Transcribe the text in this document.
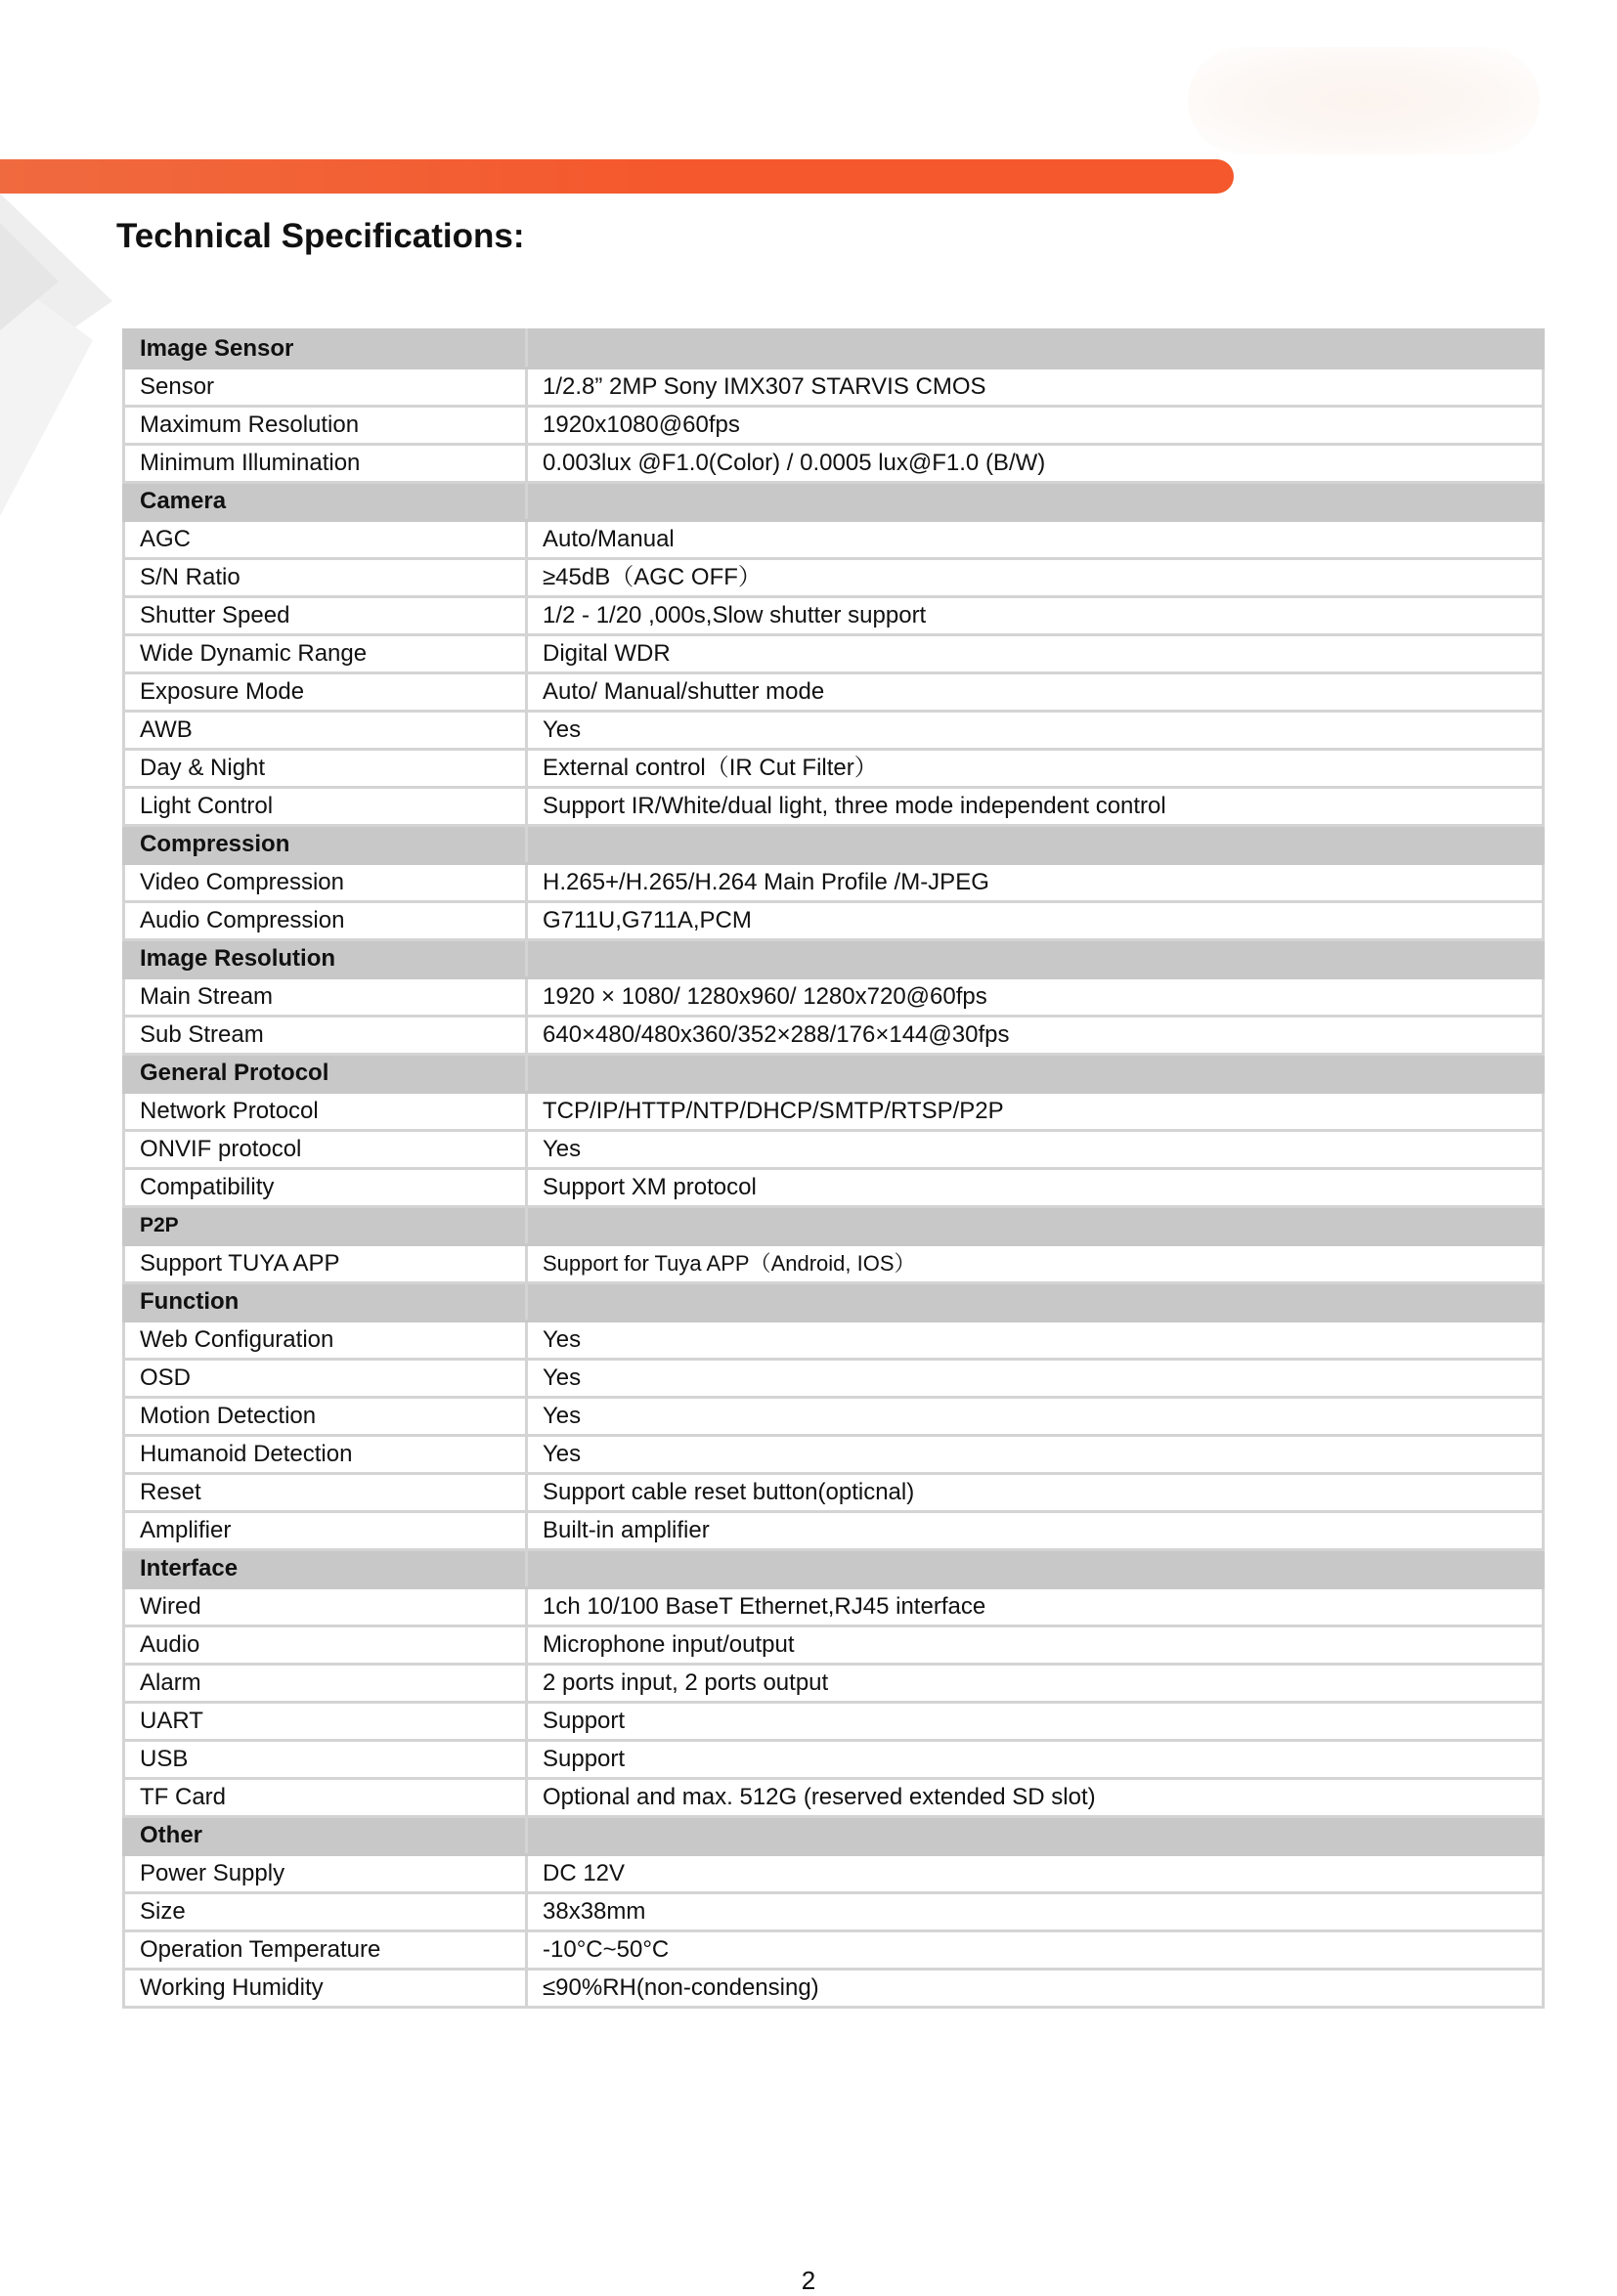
Technical Specifications:
Image Sensor	
Sensor	1/2.8” 2MP Sony IMX307 STARVIS CMOS
Maximum Resolution	1920x1080@60fps
Minimum Illumination	0.003lux @F1.0(Color) / 0.0005 lux@F1.0 (B/W)
Camera	
AGC	Auto/Manual
S/N Ratio	≥45dB（AGC OFF）
Shutter Speed	1/2 - 1/20 ,000s,Slow shutter support
Wide Dynamic Range	Digital WDR
Exposure Mode	Auto/ Manual/shutter mode
AWB	Yes
Day & Night	External control（IR Cut Filter）
Light Control	Support IR/White/dual light, three mode independent control
Compression	
Video Compression	H.265+/H.265/H.264 Main Profile /M-JPEG
Audio Compression	G711U,G711A,PCM
Image Resolution	
Main Stream	1920 × 1080/ 1280x960/ 1280x720@60fps
Sub Stream	640×480/480x360/352×288/176×144@30fps
General Protocol	
Network Protocol	TCP/IP/HTTP/NTP/DHCP/SMTP/RTSP/P2P
ONVIF protocol	Yes
Compatibility	Support XM protocol
P2P	
Support TUYA APP	Support for Tuya APP（Android, IOS）
Function	
Web Configuration	Yes
OSD	Yes
Motion Detection	Yes
Humanoid Detection	Yes
Reset	Support cable reset button(opticnal)
Amplifier	Built-in amplifier
Interface	
Wired	1ch 10/100 BaseT Ethernet,RJ45 interface
Audio	Microphone input/output
Alarm	2 ports input, 2 ports output
UART	Support
USB	Support
TF Card	Optional and max. 512G (reserved extended SD slot)
Other	
Power Supply	DC 12V
Size	38x38mm
Operation Temperature	-10°C~50°C
Working Humidity	≤90%RH(non-condensing)

2
